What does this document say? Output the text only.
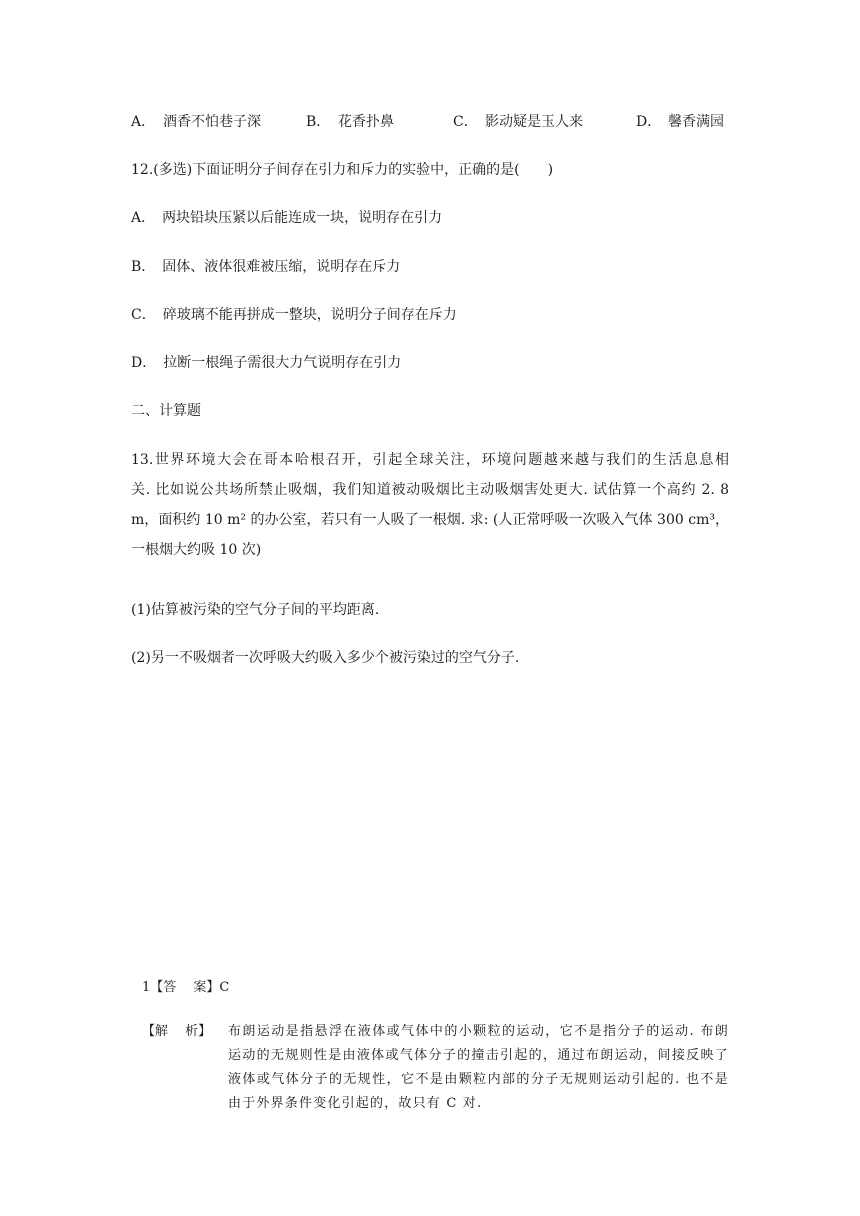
A． 酒香不怕巷子深	B． 花香扑鼻	C． 影动疑是玉人来	D． 馨香满园
12.(多选)下面证明分子间存在引力和斥力的实验中，正确的是(　　)
A．　两块铅块压紧以后能连成一块，说明存在引力
B．　固体、液体很难被压缩，说明存在斥力
C．　碎玻璃不能再拼成一整块，说明分子间存在斥力
D．　拉断一根绳子需很大力气说明存在引力
二、计算题
13.世界环境大会在哥本哈根召开，引起全球关注，环境问题越来越与我们的生活息息相
关. 比如说公共场所禁止吸烟，我们知道被动吸烟比主动吸烟害处更大. 试估算一个高约 2. 8
m，面积约 10 m² 的办公室，若只有一人吸了一根烟. 求: (人正常呼吸一次吸入气体 300 cm³，
一根烟大约吸 10 次)
(1)估算被污染的空气分子间的平均距离.
(2)另一不吸烟者一次呼吸大约吸入多少个被污染过的空气分子.
1【答　 案】C
【解　 析】 布朗运动是指悬浮在液体或气体中的小颗粒的运动，它不是指分子的运动. 布朗运动的无规则性是由液体或气体分子的撞击引起的，通过布朗运动，间接反映了液体或气体分子的无规性，它不是由颗粒内部的分子无规则运动引起的. 也不是由于外界条件变化引起的，故只有 C 对.
